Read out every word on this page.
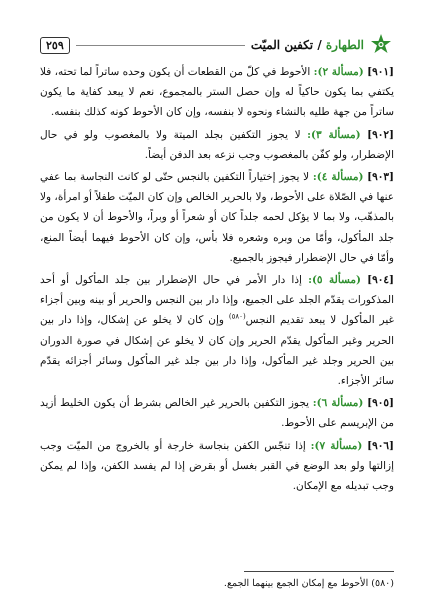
الطهارة / تكفين الميّت
٢٥٩

[٩٠١] (مسألة ٢): الأحوط في كلّ من القطعات أن يكون وحده ساتراً لما تحته، فلا يكتفي بما يكون حاكياً له وإن حصل الستر بالمجموع، نعم لا يبعد كفاية ما يكون ساتراً من جهة طليه بالنشاء ونحوه لا بنفسه، وإن كان الأحوط كونه كذلك بنفسه.

[٩٠٢] (مسألة ٣): لا يجوز التكفين بجلد الميتة ولا بالمغصوب ولو في حال الإضطرار، ولو كفّن بالمغصوب وجب نزعه بعد الدفن أيضاً.

[٩٠٣] (مسألة ٤): لا يجوز إختياراً التكفين بالنجس حتّى لو كانت النجاسة بما عفي عنها في الصّلاة على الأحوط، ولا بالحرير الخالص وإن كان الميّت طفلاً أو امرأة، ولا بالمذهّب، ولا بما لا يؤكل لحمه جلداً كان أو شعراً أو وبراً، والأحوط أن لا يكون من جلد المأكول، وأمّا من وبره وشعره فلا بأس، وإن كان الأحوط فيهما أيضاً المنع، وأمّا في حال الإضطرار فيجوز بالجميع.

[٩٠٤] (مسألة ٥): إذا دار الأمر في حال الإضطرار بين جلد المأكول أو أحد المذكورات يقدّم الجلد على الجميع، وإذا دار بين النجس والحرير أو بينه وبين أجزاء غير المأكول لا يبعد تقديم النجس$^{(٥٨٠)}$ وإن كان لا يخلو عن إشكال، وإذا دار بين الحرير وغير المأكول يقدّم الحرير وإن كان لا يخلو عن إشكال في صورة الدوران بين الحرير وجلد غير المأكول، وإذا دار بين جلد غير المأكول وسائر أجزائه يقدّم سائر الأجزاء.

[٩٠٥] (مسألة ٦): يجوز التكفين بالحرير غير الخالص بشرط أن يكون الخليط أزيد من الإبريسم على الأحوط.

[٩٠٦] (مسألة ٧): إذا تنجّس الكفن بنجاسة خارجة أو بالخروج من الميّت وجب إزالتها ولو بعد الوضع في القبر بغسل أو بقرض إذا لم يفسد الكفن، وإذا لم يمكن وجب تبديله مع الإمكان.

(٥٨٠) الأحوط مع إمكان الجمع بينهما الجمع.
